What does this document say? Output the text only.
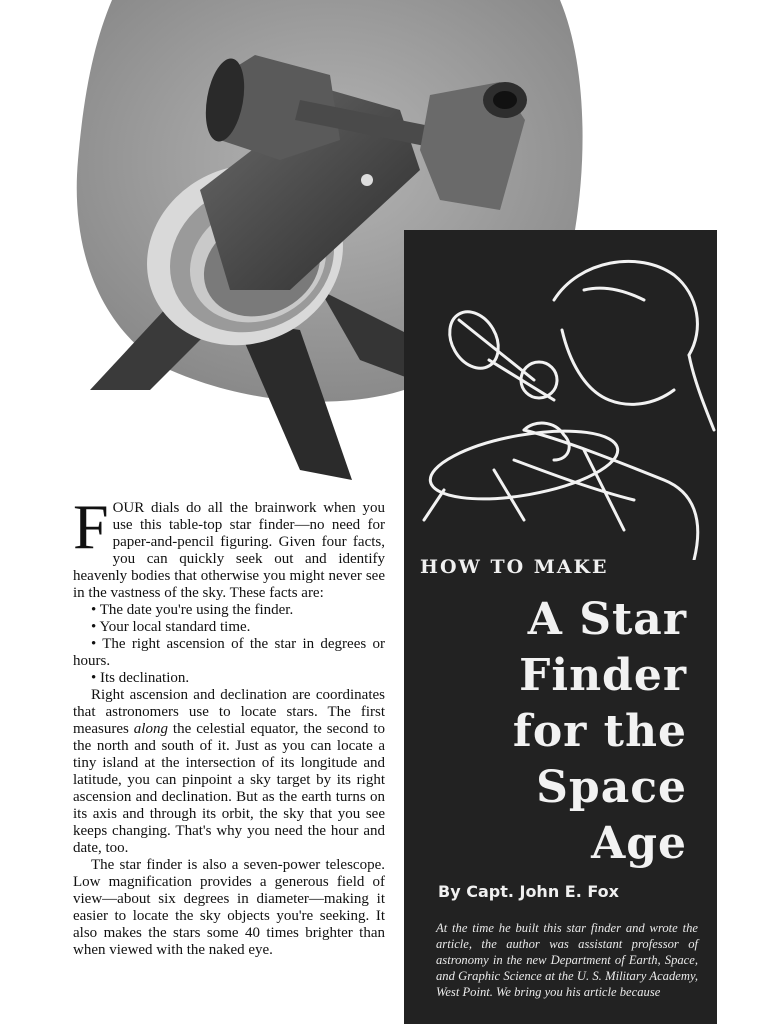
HOW TO MAKE
A Star
Finder
for the
Space
Age
By Capt. John E. Fox
At the time he built this star finder and wrote the article, the author was assistant professor of astronomy in the new Department of Earth, Space, and Graphic Science at the U. S. Military Academy, West Point. We bring you his article because

FOUR dials do all the brainwork when you use this table-top star finder—no need for paper-and-pencil figuring. Given four facts, you can quickly seek out and identify heavenly bodies that otherwise you might never see in the vastness of the sky. These facts are:

• The date you're using the finder.

• Your local standard time.

• The right ascension of the star in degrees or hours.

• Its declination.

Right ascension and declination are coordinates that astronomers use to locate stars. The first measures along the celestial equator, the second to the north and south of it. Just as you can locate a tiny island at the intersection of its longitude and latitude, you can pinpoint a sky target by its right ascension and declination. But as the earth turns on its axis and through its orbit, the sky that you see keeps changing. That's why you need the hour and date, too.

The star finder is also a seven-power telescope. Low magnification provides a generous field of view—about six degrees in diameter—making it easier to locate the sky objects you're seeking. It also makes the stars some 40 times brighter than when viewed with the naked eye.
